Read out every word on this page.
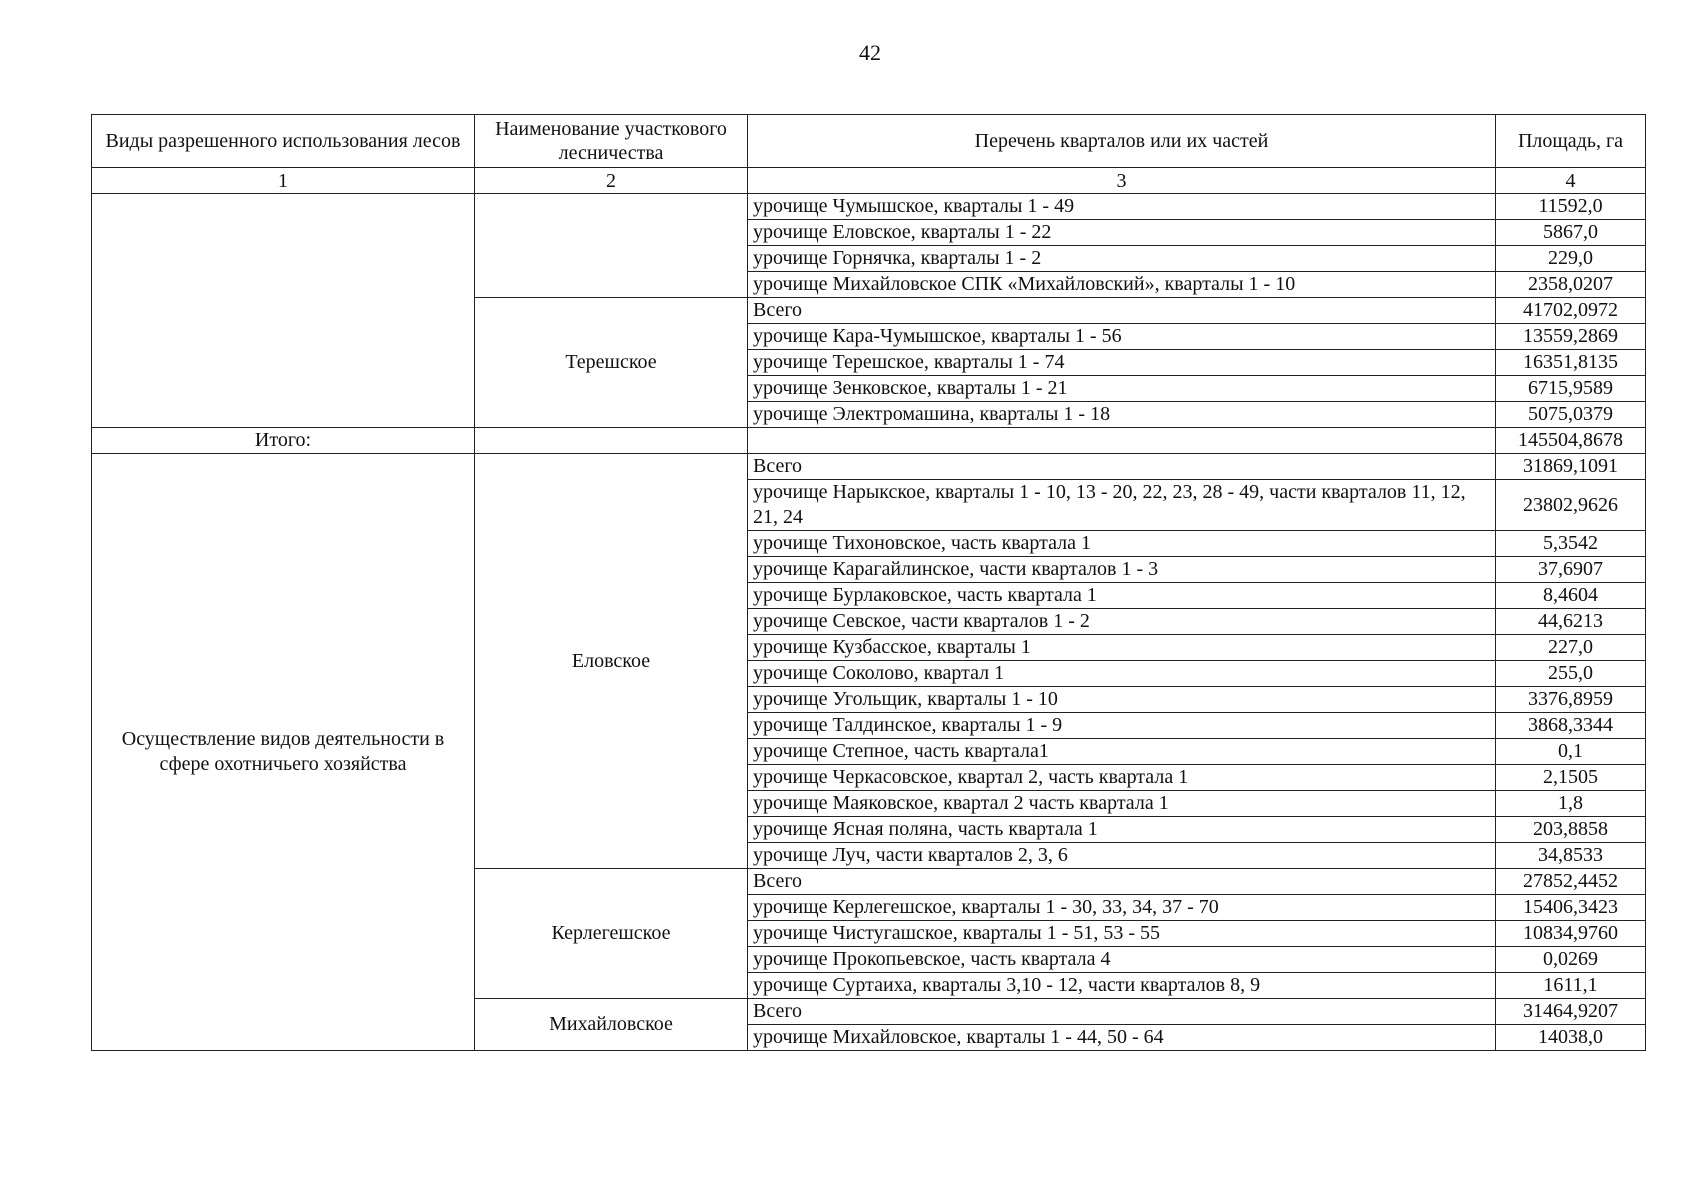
42
Виды разрешенного использования лесов	Наименование участкового лесничества	Перечень кварталов или их частей	Площадь, га
1	2	3	4
		урочище Чумышское, кварталы 1 - 49	11592,0
		урочище Еловское, кварталы 1 - 22	5867,0
		урочище Горнячка, кварталы 1 - 2	229,0
		урочище Михайловское СПК «Михайловский», кварталы 1 - 10	2358,0207
	Терешское	Всего	41702,0972
		урочище Кара-Чумышское, кварталы 1 - 56	13559,2869
		урочище Терешское, кварталы 1 - 74	16351,8135
		урочище Зенковское, кварталы 1 - 21	6715,9589
		урочище Электромашина, кварталы 1 - 18	5075,0379
Итого:			145504,8678
Осуществление видов деятельности в сфере охотничьего хозяйства	Еловское	Всего	31869,1091
		урочище Нарыкское, кварталы 1 - 10, 13 - 20, 22, 23, 28 - 49, части кварталов 11, 12, 21, 24	23802,9626
		урочище Тихоновское, часть квартала 1	5,3542
		урочище Карагайлинское, части кварталов 1 - 3	37,6907
		урочище Бурлаковское, часть квартала 1	8,4604
		урочище Севское, части кварталов 1 - 2	44,6213
		урочище Кузбасское, кварталы 1	227,0
		урочище Соколово, квартал 1	255,0
		урочище Угольщик, кварталы 1 - 10	3376,8959
		урочище Талдинское, кварталы 1 - 9	3868,3344
		урочище Степное, часть квартала1	0,1
		урочище Черкасовское, квартал 2, часть квартала 1	2,1505
		урочище Маяковское, квартал 2 часть квартала 1	1,8
		урочище Ясная поляна, часть квартала 1	203,8858
		урочище Луч, части кварталов 2, 3, 6	34,8533
	Керлегешское	Всего	27852,4452
		урочище Керлегешское, кварталы 1 - 30, 33, 34, 37 - 70	15406,3423
		урочище Чистугашское, кварталы 1 - 51, 53 - 55	10834,9760
		урочище Прокопьевское, часть квартала 4	0,0269
		урочище Суртаиха, кварталы 3,10 - 12, части кварталов 8, 9	1611,1
	Михайловское	Всего	31464,9207
		урочище Михайловское, кварталы 1 - 44, 50 - 64	14038,0
